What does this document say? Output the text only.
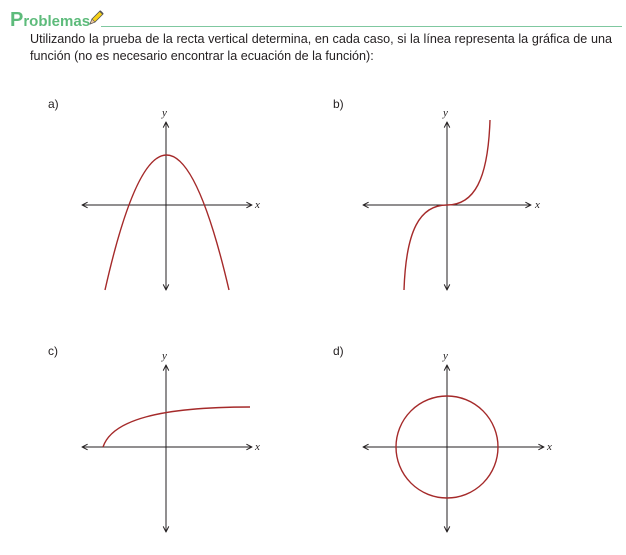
Problemas
Utilizando la prueba de la recta vertical determina, en cada caso, si la línea representa la gráfica de una función (no es necesario encontrar la ecuación de la función):
a)	b)
c)	d)
x
y
x
y
x
y
x
y
